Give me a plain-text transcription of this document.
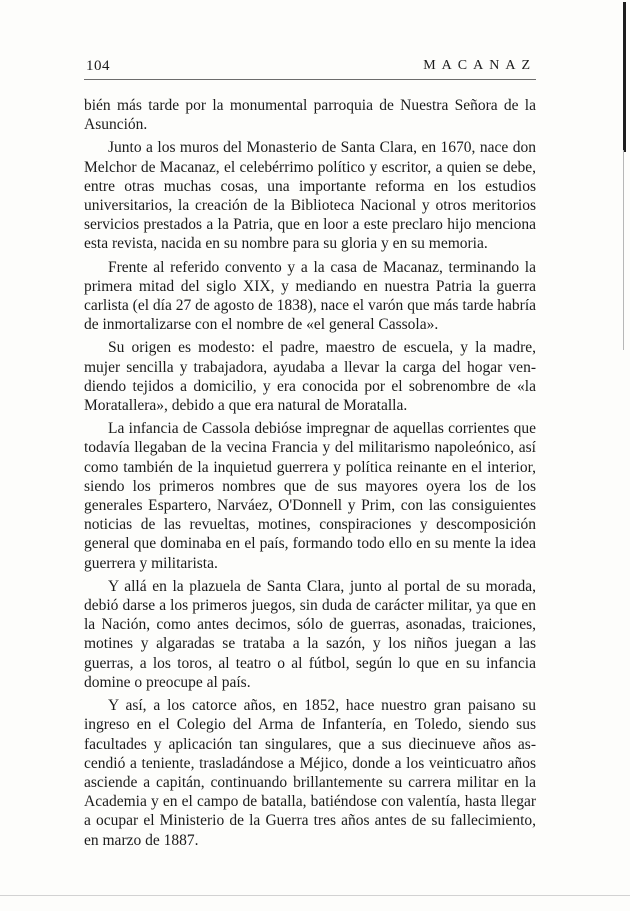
104	MACANAZ

bién más tarde por la monumental parroquia de Nuestra Señora de la Asunción.

Junto a los muros del Monasterio de Santa Clara, en 1670, nace don Melchor de Macanaz, el celebérrimo político y escritor, a quien se debe, entre otras muchas cosas, una importante reforma en los estudios universitarios, la creación de la Biblioteca Nacional y otros meritorios servicios prestados a la Patria, que en loor a este preclaro hijo menciona esta revista, nacida en su nombre para su gloria y en su memoria.

Frente al referido convento y a la casa de Macanaz, terminando la primera mitad del siglo XIX, y mediando en nuestra Patria la guerra carlista (el día 27 de agosto de 1838), nace el varón que más tarde habría de inmortalizarse con el nombre de «el general Cassola».

Su origen es modesto: el padre, maestro de escuela, y la madre, mujer sencilla y trabajadora, ayudaba a llevar la carga del hogar vendiendo tejidos a domicilio, y era conocida por el sobrenombre de «la Moratallera», debido a que era natural de Moratalla.

La infancia de Cassola debióse impregnar de aquellas corrientes que todavía llegaban de la vecina Francia y del militarismo napoleónico, así como también de la inquietud guerrera y política reinante en el interior, siendo los primeros nombres que de sus mayores oyera los de los generales Espartero, Narváez, O'Donnell y Prim, con las consiguientes noticias de las revueltas, motines, conspiraciones y descomposición general que dominaba en el país, formando todo ello en su mente la idea guerrera y militarista.

Y allá en la plazuela de Santa Clara, junto al portal de su morada, debió darse a los primeros juegos, sin duda de carácter militar, ya que en la Nación, como antes decimos, sólo de guerras, asonadas, traiciones, motines y algaradas se trataba a la sazón, y los niños juegan a las guerras, a los toros, al teatro o al fútbol, según lo que en su infancia domine o preocupe al país.

Y así, a los catorce años, en 1852, hace nuestro gran paisano su ingreso en el Colegio del Arma de Infantería, en Toledo, siendo sus facultades y aplicación tan singulares, que a sus diecinueve años ascendió a teniente, trasladándose a Méjico, donde a los veinticuatro años asciende a capitán, continuando brillantemente su carrera militar en la Academia y en el campo de batalla, batiéndose con valentía, hasta llegar a ocupar el Ministerio de la Guerra tres años antes de su fallecimiento, en marzo de 1887.
